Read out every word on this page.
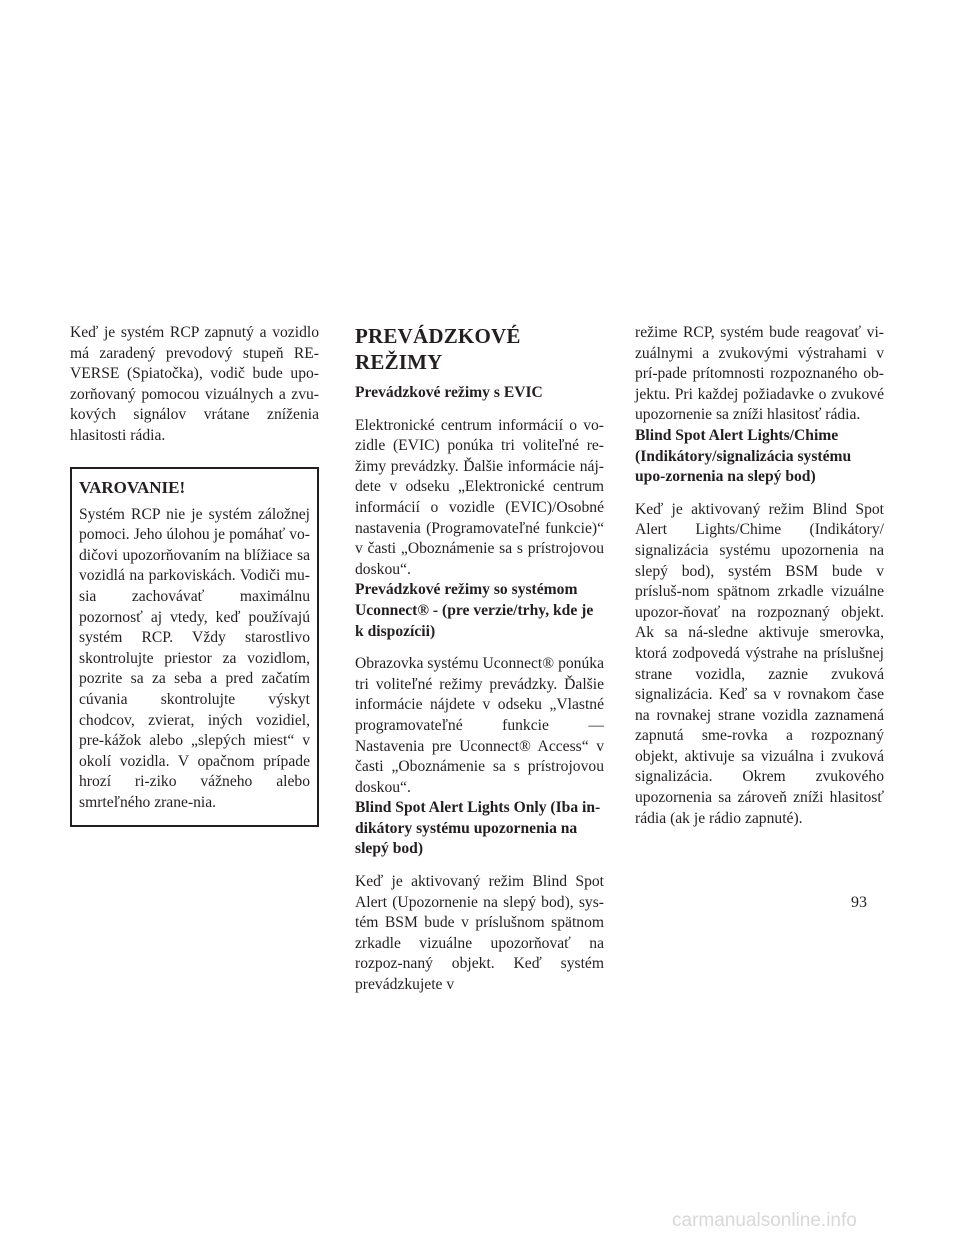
Keď je systém RCP zapnutý a vozidlo má zaradený prevodový stupeň RE-VERSE (Spiatočka), vodič bude upo-zorňovaný pomocou vizuálnych a zvu-kových signálov vrátane zníženia hlasitosti rádia.

VAROVANIE!

Systém RCP nie je systém záložnej pomoci. Jeho úlohou je pomáhať vo-dičovi upozorňovaním na blížiace sa vozidlá na parkoviskách. Vodiči mu-sia zachovávať maximálnu pozornosť aj vtedy, keď používajú systém RCP. Vždy starostlivo skontrolujte priestor za vozidlom, pozrite sa za seba a pred začatím cúvania skontrolujte výskyt chodcov, zvierat, iných vozidiel, pre-kážok alebo „slepých miest“ v okolí vozidla. V opačnom prípade hrozí ri-ziko vážneho alebo smrteľného zrane-nia.

PREVÁDZKOVÉ REŽIMY
Prevádzkové režimy s EVIC

Elektronické centrum informácií o vo-zidle (EVIC) ponúka tri voliteľné re-žimy prevádzky. Ďalšie informácie náj-dete v odseku „Elektronické centrum informácií o vozidle (EVIC)/Osobné nastavenia (Programovateľné funkcie)“ v časti „Oboznámenie sa s prístrojovou doskou“.

Prevádzkové režimy so systémom Uconnect® - (pre verzie/trhy, kde je k dispozícii)

Obrazovka systému Uconnect® ponúka tri voliteľné režimy prevádzky. Ďalšie informácie nájdete v odseku „Vlastné programovateľné funkcie — Nastavenia pre Uconnect® Access“ v časti „Oboznámenie sa s prístrojovou doskou“.

Blind Spot Alert Lights Only (Iba in-dikátory systému upozornenia na slepý bod)

Keď je aktivovaný režim Blind Spot Alert (Upozornenie na slepý bod), sys-tém BSM bude v príslušnom spätnom zrkadle vizuálne upozorňovať na rozpoz-naný objekt. Keď systém prevádzkujete v

režime RCP, systém bude reagovať vi-zuálnymi a zvukovými výstrahami v prí-pade prítomnosti rozpoznaného ob-jektu. Pri každej požiadavke o zvukové upozornenie sa zníži hlasitosť rádia.

Blind Spot Alert Lights/Chime (Indikátory/signalizácia systému upo-zornenia na slepý bod)

Keď je aktivovaný režim Blind Spot Alert Lights/Chime (Indikátory/ signalizácia systému upozornenia na slepý bod), systém BSM bude v prísluš-nom spätnom zrkadle vizuálne upozor-ňovať na rozpoznaný objekt. Ak sa ná-sledne aktivuje smerovka, ktorá zodpovedá výstrahe na príslušnej strane vozidla, zaznie zvuková signalizácia. Keď sa v rovnakom čase na rovnakej strane vozidla zaznamená zapnutá sme-rovka a rozpoznaný objekt, aktivuje sa vizuálna i zvuková signalizácia. Okrem zvukového upozornenia sa zároveň zníži hlasitosť rádia (ak je rádio zapnuté).

93
carmanualsonline.info
